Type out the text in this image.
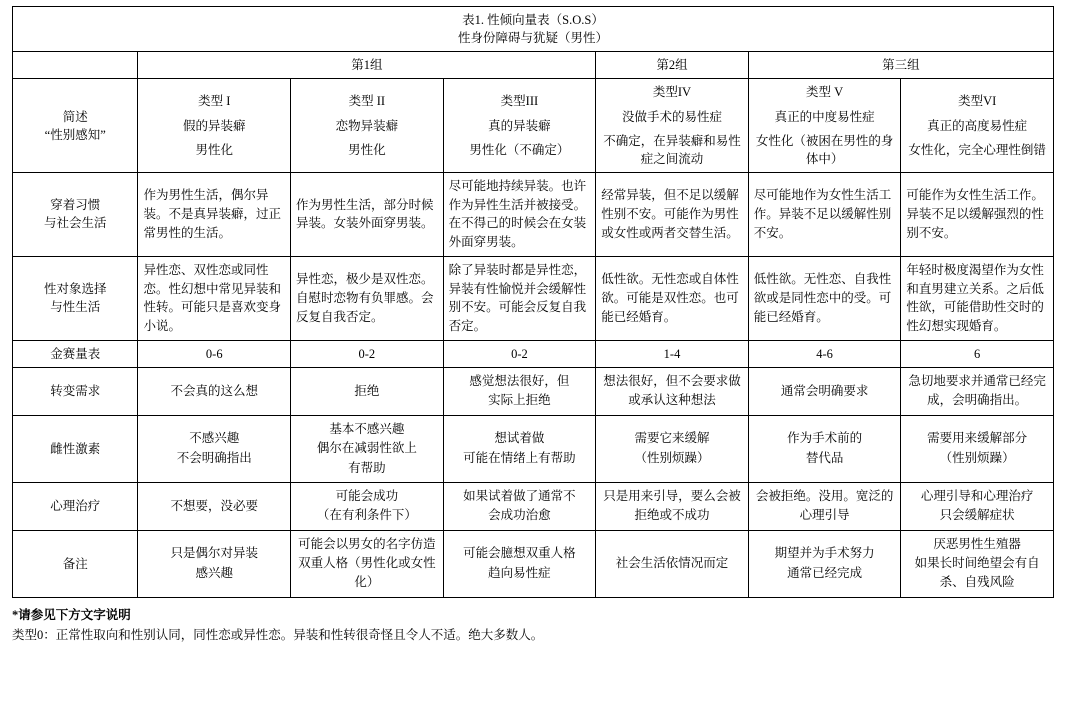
表1. 性倾向量表（S.O.S）
性身份障碍与犹疑（男性）						

	第1组			第2组	第三组	

简述
“性别感知”	类型 I
假的异装癖
男性化	类型 II
恋物异装癖
男性化	类型III
真的异装癖
男性化（不确定）	类型IV
没做手术的易性症
不确定，在异装癖和易性症之间流动	类型 V
真正的中度易性症
女性化（被困在男性的身体中）	类型VI
真正的高度易性症
女性化，完全心理性倒错

穿着习惯
与社会生活	作为男性生活，偶尔异装。不是真异装癖，过正常男性的生活。	作为男性生活，部分时候异装。女装外面穿男装。	尽可能地持续异装。也许作为异性生活并被接受。在不得己的时候会在女装外面穿男装。	经常异装，但不足以缓解性别不安。可能作为男性或女性或两者交替生活。	尽可能地作为女性生活工作。异装不足以缓解性别不安。	可能作为女性生活工作。异装不足以缓解强烈的性别不安。

性对象选择
与性生活	异性恋、双性恋或同性恋。性幻想中常见异装和性转。可能只是喜欢变身小说。	异性恋，极少是双性恋。自慰时恋物有负罪感。会反复自我否定。	除了异装时都是异性恋，异装有性愉悦并会缓解性别不安。可能会反复自我否定。	低性欲。无性恋或自体性欲。可能是双性恋。也可能已经婚育。	低性欲。无性恋、自我性欲或是同性恋中的受。可能已经婚育。	年轻时极度渴望作为女性和直男建立关系。之后低性欲，可能借助性交时的性幻想实现婚育。

金赛量表	0-6	0-2	0-2	1-4	4-6	6
转变需求	不会真的这么想	拒绝	感觉想法很好，但
实际上拒绝	想法很好，但不会要求做或承认这种想法	通常会明确要求	急切地要求并通常已经完成，会明确指出。

雌性激素	不感兴趣
不会明确指出	基本不感兴趣
偶尔在减弱性欲上
有帮助	想试着做
可能在情绪上有帮助	需要它来缓解
（性别烦躁）	作为手术前的
替代品	需要用来缓解部分
（性别烦躁）

心理治疗	不想要，没必要	可能会成功
（在有利条件下）	如果试着做了通常不
会成功治愈	只是用来引导，要么会被拒绝或不成功	会被拒绝。没用。宽泛的心理引导	心理引导和心理治疗
只会缓解症状

备注	只是偶尔对异装
感兴趣	可能会以男女的名字仿造双重人格（男性化或女性化）	可能会臆想双重人格
趋向易性症	社会生活依情况而定	期望并为手术努力
通常已经完成	厌恶男性生殖器
如果长时间绝望会有自杀、自残风险
*请参见下方文字说明
类型0：正常性取向和性别认同，同性恋或异性恋。异装和性转很奇怪且令人不适。绝大多数人。
